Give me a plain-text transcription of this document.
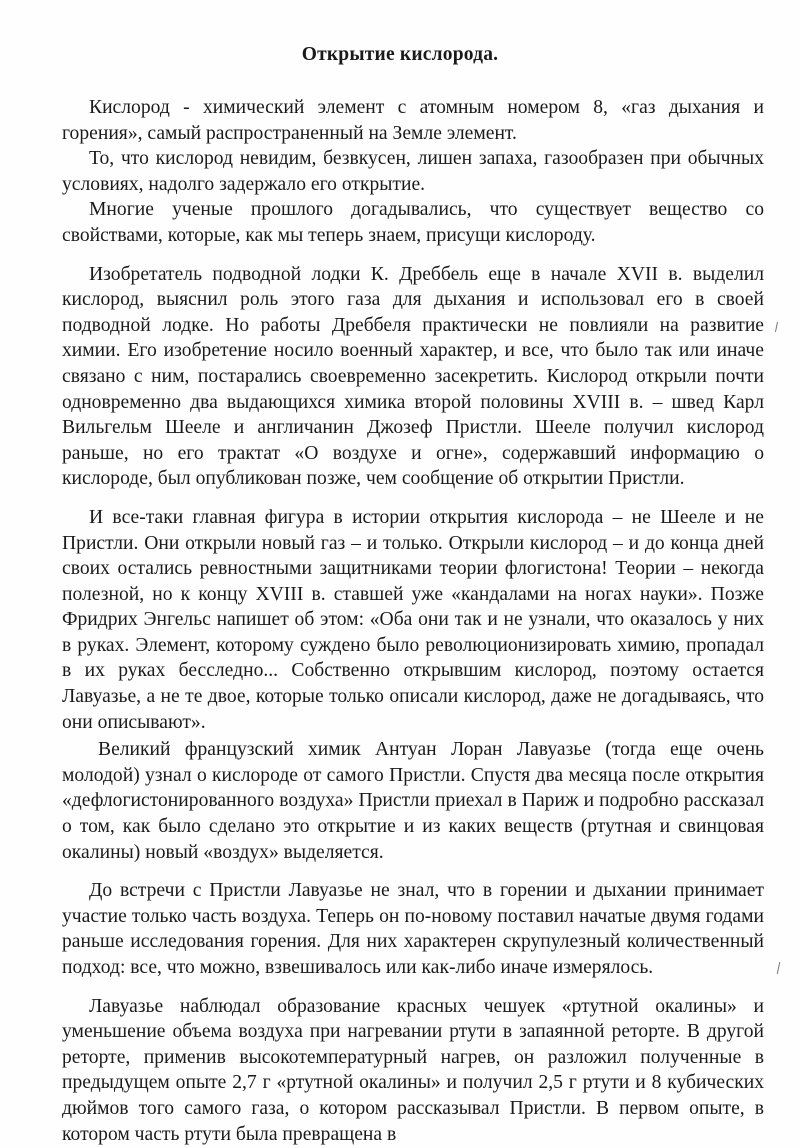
Открытие кислорода.

Кислород - химический элемент с атомным номером 8, «газ дыхания и горения», самый распространенный на Земле элемент.

То, что кислород невидим, безвкусен, лишен запаха, газообразен при обычных условиях, надолго задержало его открытие.

Многие ученые прошлого догадывались, что существует вещество со свойствами, которые, как мы теперь знаем, присущи кислороду.

Изобретатель подводной лодки К. Дреббель еще в начале XVII в. выделил кислород, выяснил роль этого газа для дыхания и использовал его в своей подводной лодке. Но работы Дреббеля практически не повлияли на развитие химии. Его изобретение носило военный характер, и все, что было так или иначе связано с ним, постарались своевременно засекретить. Кислород открыли почти одновременно два выдающихся химика второй половины XVIII в. – швед Карл Вильгельм Шееле и англичанин Джозеф Пристли. Шееле получил кислород раньше, но его трактат «О воздухе и огне», содержавший информацию о кислороде, был опубликован позже, чем сообщение об открытии Пристли.

И все-таки главная фигура в истории открытия кислорода – не Шееле и не Пристли. Они открыли новый газ – и только. Открыли кислород – и до конца дней своих остались ревностными защитниками теории флогистона! Теории – некогда полезной, но к концу XVIII в. ставшей уже «кандалами на ногах науки». Позже Фридрих Энгельс напишет об этом: «Оба они так и не узнали, что оказалось у них в руках. Элемент, которому суждено было революционизировать химию, пропадал в их руках бесследно... Собственно открывшим кислород, поэтому остается Лавуазье, а не те двое, которые только описали кислород, даже не догадываясь, что они описывают».

Великий французский химик Антуан Лоран Лавуазье (тогда еще очень молодой) узнал о кислороде от самого Пристли. Спустя два месяца после открытия «дефлогистонированного воздуха» Пристли приехал в Париж и подробно рассказал о том, как было сделано это открытие и из каких веществ (ртутная и свинцовая окалины) новый «воздух» выделяется.

До встречи с Пристли Лавуазье не знал, что в горении и дыхании принимает участие только часть воздуха. Теперь он по-новому поставил начатые двумя годами раньше исследования горения. Для них характерен скрупулезный количественный подход: все, что можно, взвешивалось или как-либо иначе измерялось.

Лавуазье наблюдал образование красных чешуек «ртутной окалины» и уменьшение объема воздуха при нагревании ртути в запаянной реторте. В другой реторте, применив высокотемпературный нагрев, он разложил полученные в предыдущем опыте 2,7 г «ртутной окалины» и получил 2,5 г ртути и 8 кубических дюймов того самого газа, о котором рассказывал Пристли. В первом опыте, в котором часть ртути была превращена в
